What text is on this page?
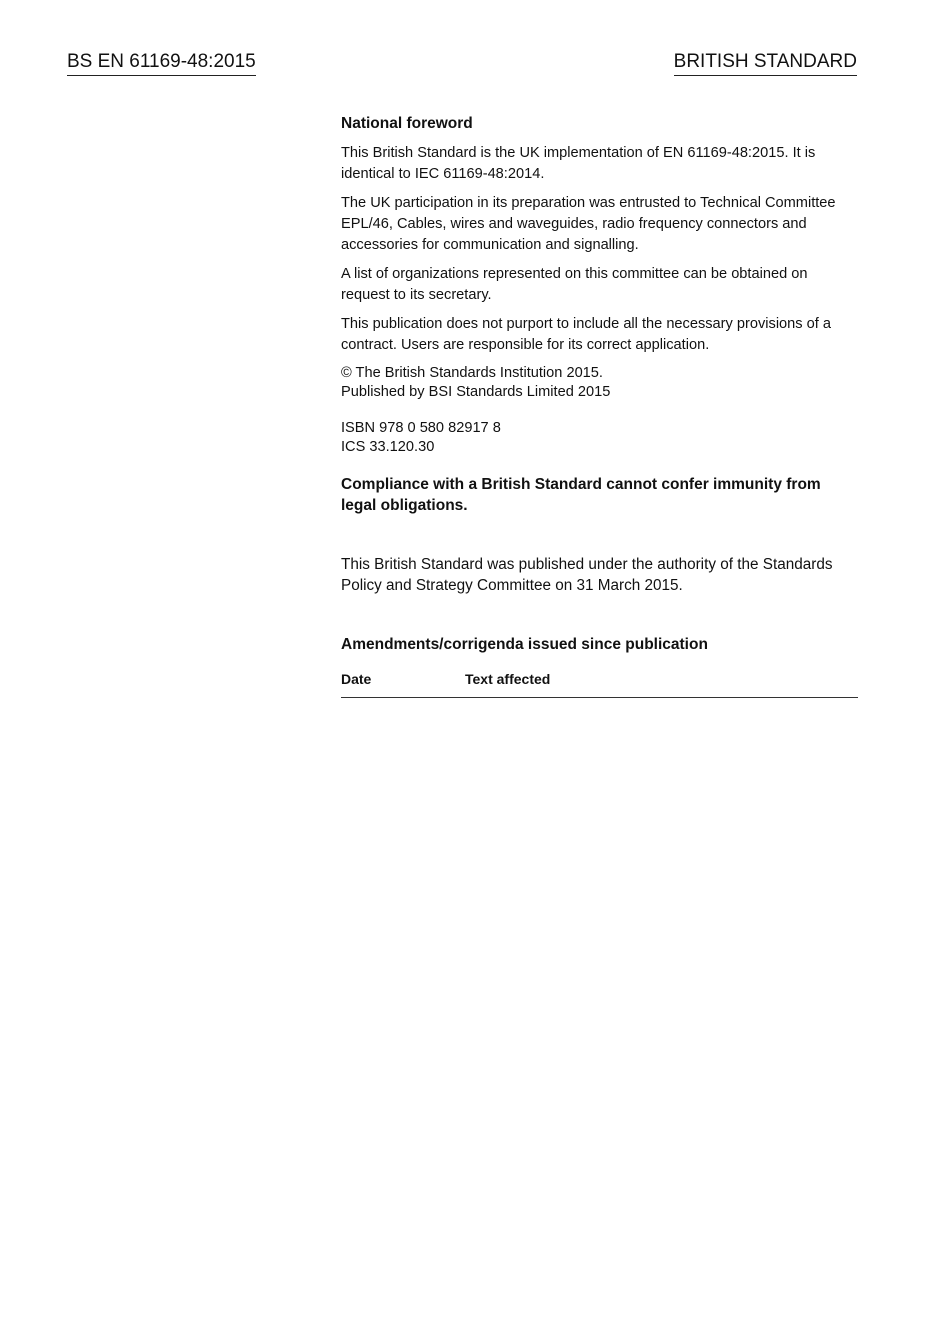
BS EN 61169-48:2015	BRITISH STANDARD
National foreword
This British Standard is the UK implementation of EN 61169-48:2015. It is identical to IEC 61169-48:2014.
The UK participation in its preparation was entrusted to Technical Committee EPL/46, Cables, wires and waveguides, radio frequency connectors and accessories for communication and signalling.
A list of organizations represented on this committee can be obtained on request to its secretary.
This publication does not purport to include all the necessary provisions of a contract. Users are responsible for its correct application.
© The British Standards Institution 2015.
Published by BSI Standards Limited 2015
ISBN 978 0 580 82917 8
ICS 33.120.30
Compliance with a British Standard cannot confer immunity from legal obligations.
This British Standard was published under the authority of the Standards Policy and Strategy Committee on 31 March 2015.
Amendments/corrigenda issued since publication
Date	Text affected
